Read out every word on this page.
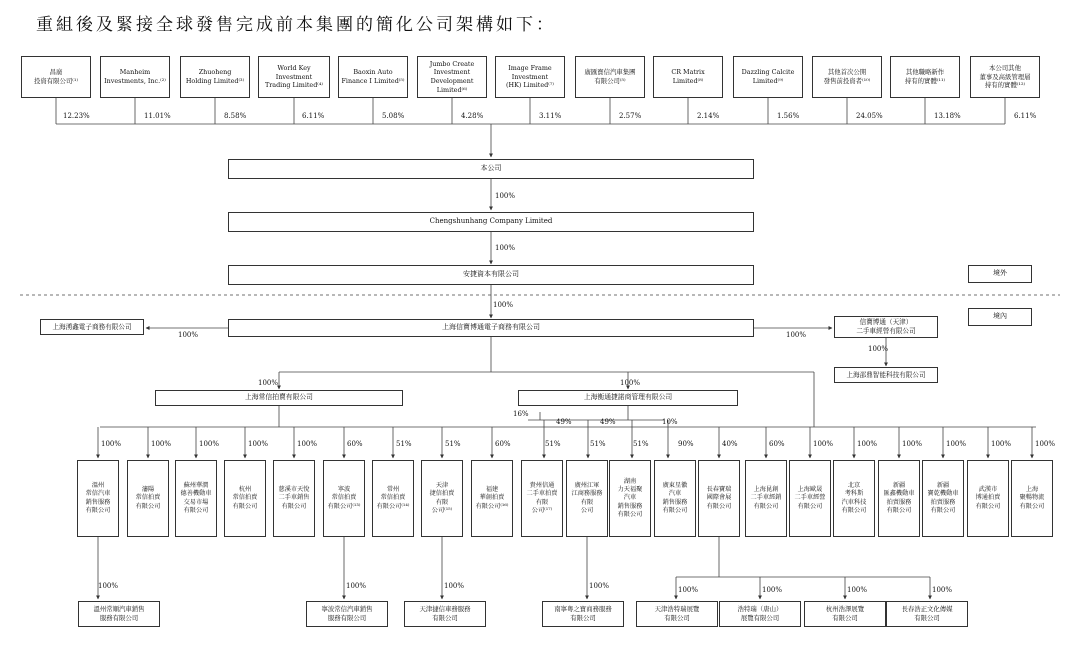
重組後及緊接全球發售完成前本集團的簡化公司架構如下：
昌廣
投資有限公司⁽¹⁾
12.23%
Manheim
Investments, Inc.⁽²⁾
11.01%
Zhuoheng
Holding Limited⁽³⁾
8.58%
World Key Investment
Trading Limited⁽⁴⁾
6.11%
Baoxin Auto
Finance I Limited⁽⁵⁾
5.08%
Jumbo Create
Investment
Development
Limited⁽⁶⁾
4.28%
Image Frame
Investment
(HK) Limited⁽⁷⁾
3.11%
廣匯寶信汽車集團
有限公司⁽⁵⁾
2.57%
CR Matrix Limited⁽⁸⁾
2.14%
Dazzling Calcite
Limited⁽⁹⁾
1.56%
其他首次公開
發售前投資者⁽¹⁰⁾
24.05%
其他職略新作
持有的實體⁽¹¹⁾
13.18%
本公司其他
董事及高級管理層
持有的實體⁽¹²⁾
6.11%
本公司
100%
Chengshunhang Company Limited
100%
安捷資本有限公司	境外
100%
境內
上海信寶博通電子商務有限公司
上海湧鑫電子商務有限公司
100%
信寶博通（天津）
二手車經營有限公司
100%
100%
上海邵鼎智能科技有限公司
100%	100%
上海常信拍賣有限公司	上海衡通捷諾商管理有限公司
16%
49%	49%	10%
溫州
常信汽車
銷售服務
有限公司
100%
瀋陽
常信拍賣
有限公司
100%
蘇州華潤
德善機動車
交易市場
有限公司
100%
杭州
常信拍賣
有限公司
100%
慈溪市天悅
二手車銷售
有限公司
100%
寧波
常信拍賣
有限公司⁽¹³⁾
60%
常州
常信拍賣
有限公司⁽¹⁴⁾
51%
天津
捷信拍賣
有限
公司⁽¹⁵⁾
51%
福建
華創拍賣
有限公司⁽¹⁶⁾
60%
貴州信通
二手車拍賣
有限
公司⁽¹⁷⁾
51%
廣州江軍
江商務服務
有限
公司
51%
湖南
力天福聚
汽車
銷售服務
有限公司
51%
廣東星徽
汽車
銷售服務
有限公司
90%
長春寶瑞
國際會展
有限公司
40%
上海昆創
二手車經銷
有限公司
60%
上海歐晟
二手車經營
有限公司
100%
北京
考科斯
汽車科技
有限公司
100%
新疆
匯鑫機動車
拍賣服務
有限公司
100%
新疆
寶乾機動車
拍賣服務
有限公司
100%
武漢市
博通拍賣
有限公司
100%
上海
聚暢物流
有限公司
100%
溫州常順汽車銷售
服務有限公司
寧波常信汽車銷售
服務有限公司
天津捷信車務服務
有限公司
南寧粵之寶商務服務
有限公司
天津浩特瑞展覽
有限公司
浩特瑞（唐山）
展覽有限公司
杭州浩澤展覽
有限公司
長春浩正文化傳媒
有限公司
100%	100%	100%	100%	100%	100%	100%	100%
